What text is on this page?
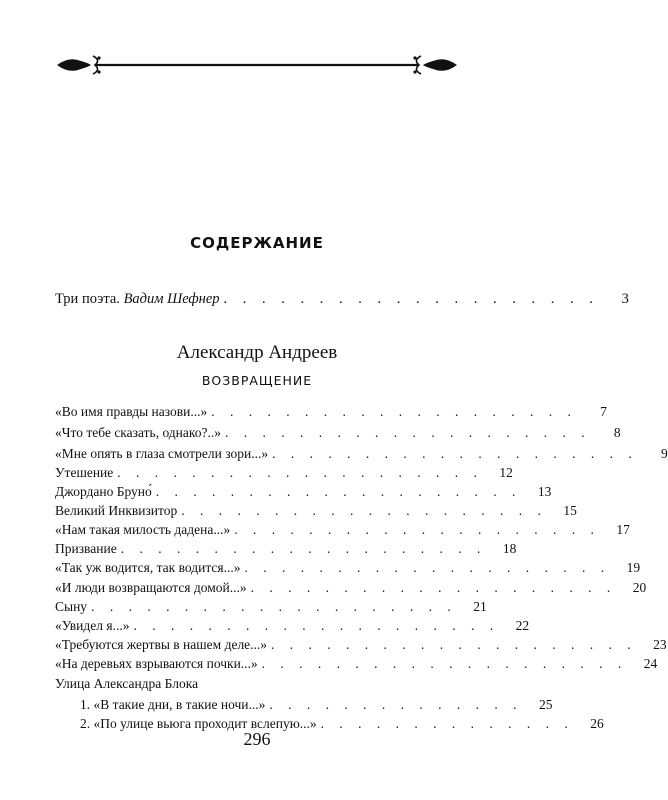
СОДЕРЖАНИЕ
Три поэта. Вадим Шефнер . . . . . . . . . . . . . . . . . . . .	3
Александр Андреев
ВОЗВРАЩЕНИЕ
«Во имя правды назови...» . . . . . . . . . . . . . . . . . . . .	7
«Что тебе сказать, однако?..» . . . . . . . . . . . . . . . . . . . .	8
«Мне опять в глаза смотрели зори...» . . . . . . . . . . . . . . . . . . . .	9
Утешение . . . . . . . . . . . . . . . . . . . .	12
Джордано Бруно́ . . . . . . . . . . . . . . . . . . . .	13
Великий Инквизитор . . . . . . . . . . . . . . . . . . . .	15
«Нам такая милость дадена...» . . . . . . . . . . . . . . . . . . . .	17
Призвание . . . . . . . . . . . . . . . . . . . .	18
«Так уж водится, так водится...» . . . . . . . . . . . . . . . . . . . .	19
«И люди возвращаются домой...» . . . . . . . . . . . . . . . . . . . .	20
Сыну . . . . . . . . . . . . . . . . . . . .	21
«Увидел я...» . . . . . . . . . . . . . . . . . . . .	22
«Требуются жертвы в нашем деле...» . . . . . . . . . . . . . . . . . . . .	23
«На деревьях взрываются почки...» . . . . . . . . . . . . . . . . . . . .	24
Улица Александра Блока
1. «В такие дни, в такие ночи...» . . . . . . . . . . . . . .	25
2. «По улице вьюга проходит вслепую...» . . . . . . . . . . . . . .	26
296
